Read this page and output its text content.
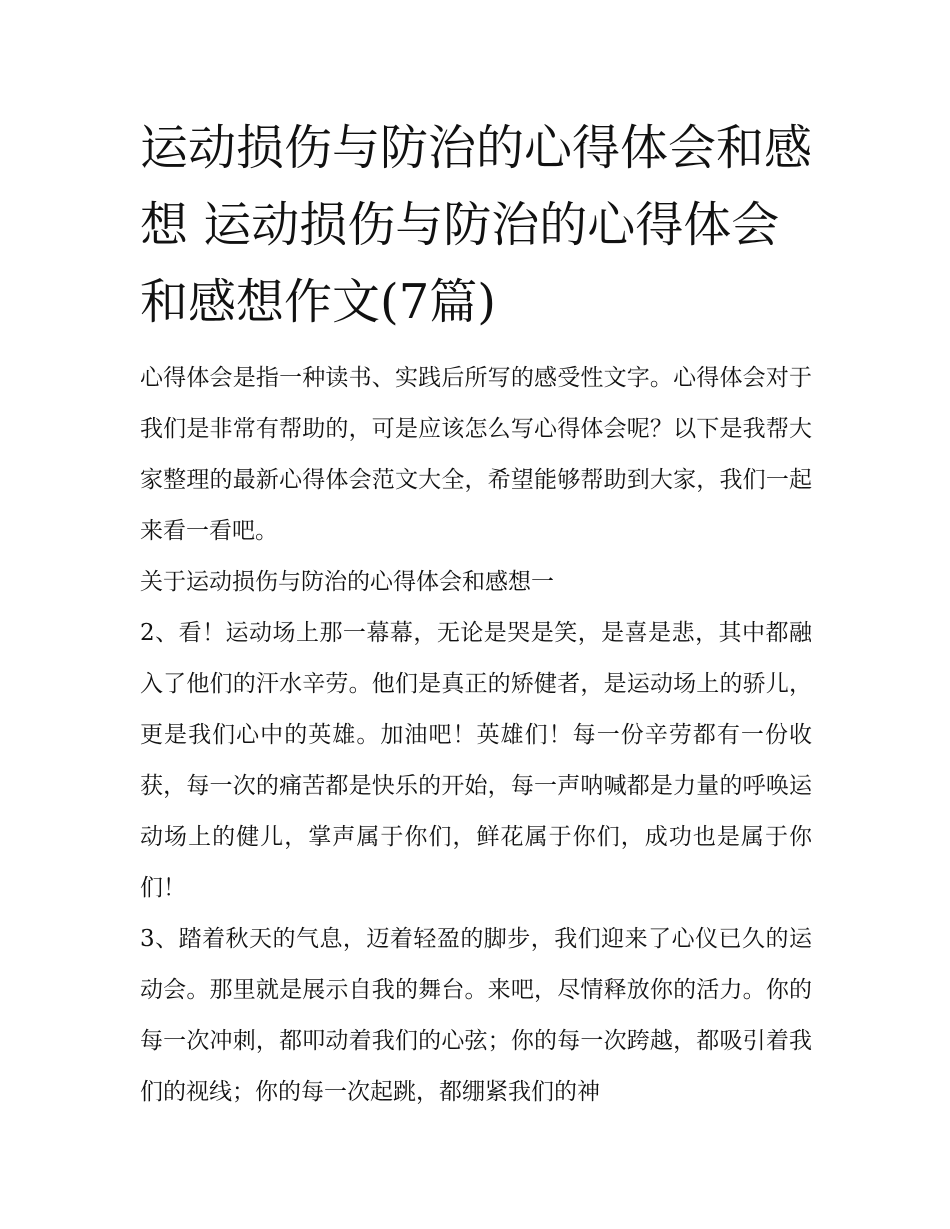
运动损伤与防治的心得体会和感想 运动损伤与防治的心得体会和感想作文(7篇)

心得体会是指一种读书、实践后所写的感受性文字。心得体会对于我们是非常有帮助的，可是应该怎么写心得体会呢？以下是我帮大家整理的最新心得体会范文大全，希望能够帮助到大家，我们一起来看一看吧。

关于运动损伤与防治的心得体会和感想一

2、看！运动场上那一幕幕，无论是哭是笑，是喜是悲，其中都融入了他们的汗水辛劳。他们是真正的矫健者，是运动场上的骄儿，更是我们心中的英雄。加油吧！英雄们！每一份辛劳都有一份收获，每一次的痛苦都是快乐的开始，每一声呐喊都是力量的呼唤运动场上的健儿，掌声属于你们，鲜花属于你们，成功也是属于你们！

3、踏着秋天的气息，迈着轻盈的脚步，我们迎来了心仪已久的运动会。那里就是展示自我的舞台。来吧，尽情释放你的活力。你的每一次冲刺，都叩动着我们的心弦；你的每一次跨越，都吸引着我们的视线；你的每一次起跳，都绷紧我们的神
